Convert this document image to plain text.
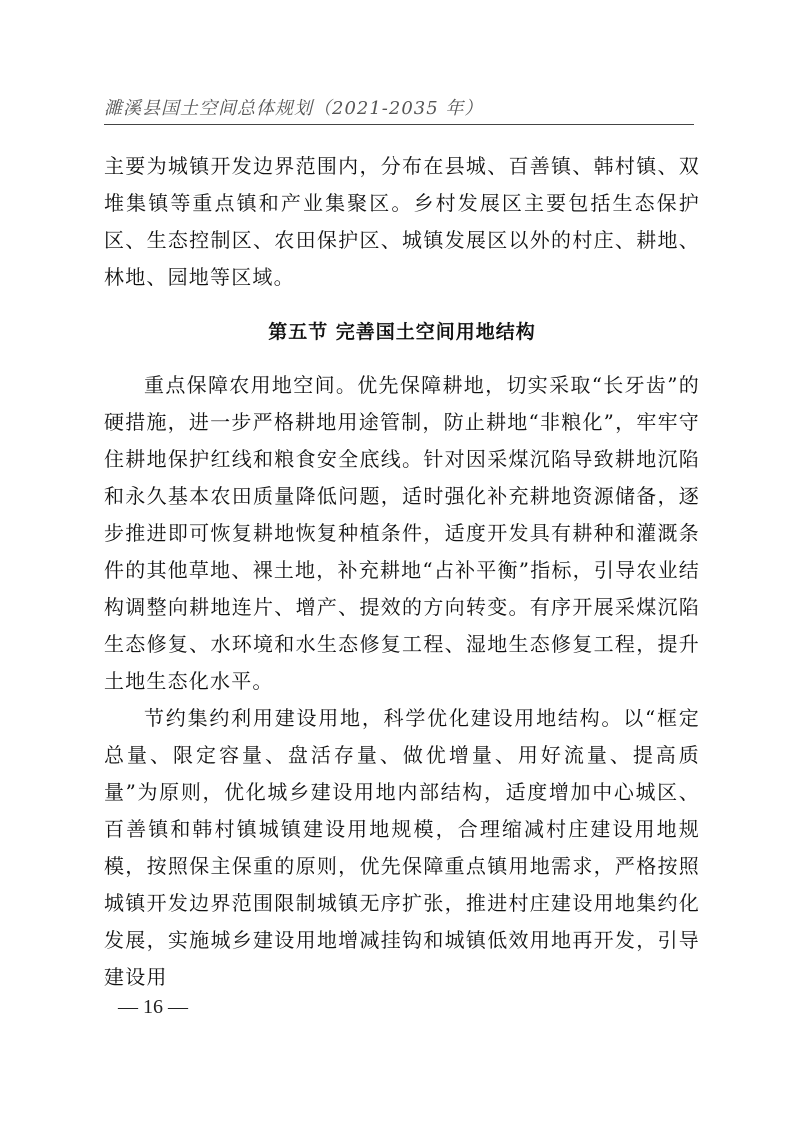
濉溪县国土空间总体规划（2021-2035 年）

主要为城镇开发边界范围内，分布在县城、百善镇、韩村镇、双堆集镇等重点镇和产业集聚区。乡村发展区主要包括生态保护区、生态控制区、农田保护区、城镇发展区以外的村庄、耕地、林地、园地等区域。

第五节 完善国土空间用地结构

重点保障农用地空间。优先保障耕地，切实采取“长牙齿”的硬措施，进一步严格耕地用途管制，防止耕地“非粮化”，牢牢守住耕地保护红线和粮食安全底线。针对因采煤沉陷导致耕地沉陷和永久基本农田质量降低问题，适时强化补充耕地资源储备，逐步推进即可恢复耕地恢复种植条件，适度开发具有耕种和灌溉条件的其他草地、裸土地，补充耕地“占补平衡”指标，引导农业结构调整向耕地连片、增产、提效的方向转变。有序开展采煤沉陷生态修复、水环境和水生态修复工程、湿地生态修复工程，提升土地生态化水平。

节约集约利用建设用地，科学优化建设用地结构。以“框定总量、限定容量、盘活存量、做优增量、用好流量、提高质量”为原则，优化城乡建设用地内部结构，适度增加中心城区、百善镇和韩村镇城镇建设用地规模，合理缩减村庄建设用地规模，按照保主保重的原则，优先保障重点镇用地需求，严格按照城镇开发边界范围限制城镇无序扩张，推进村庄建设用地集约化发展，实施城乡建设用地增减挂钩和城镇低效用地再开发，引导建设用

— 16 —
